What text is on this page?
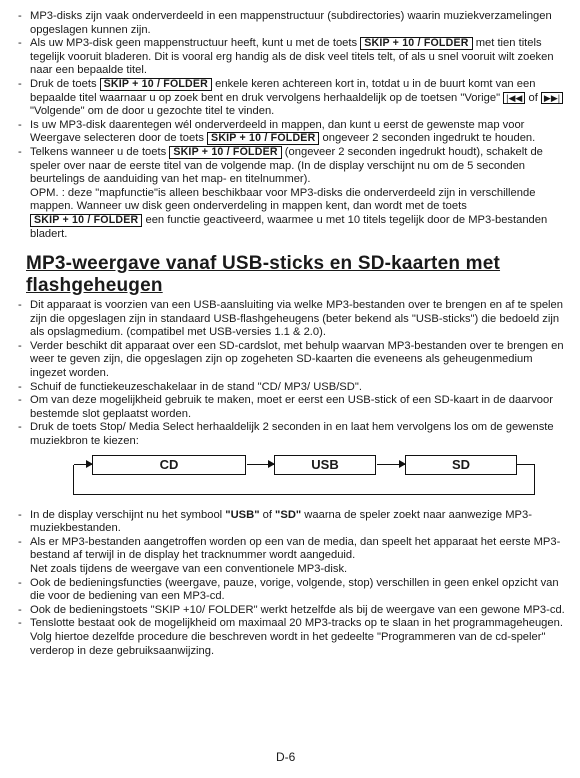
- MP3-disks zijn vaak onderverdeeld in een mappenstructuur (subdirectories) waarin muziekverzamelingen opgeslagen kunnen zijn.
- Als uw MP3-disk geen mappenstructuur heeft, kunt u met de toets SKIP + 10 / FOLDER met tien titels tegelijk vooruit bladeren. Dit is vooral erg handig als de disk veel titels telt, of als u snel vooruit wilt zoeken naar een bepaalde titel.
- Druk de toets SKIP + 10 / FOLDER enkele keren achtereen kort in, totdat u in de buurt komt van een bepaalde titel waarnaar u op zoek bent en druk vervolgens herhaaldelijk op de toetsen "Vorige" |◀◀ of ▶▶| "Volgende" om de door u gezochte titel te vinden.
- Is uw MP3-disk daarentegen wél onderverdeeld in mappen, dan kunt u eerst de gewenste map voor Weergave selecteren door de toets SKIP + 10 / FOLDER ongeveer 2 seconden ingedrukt te houden.
- Telkens wanneer u de toets SKIP + 10 / FOLDER (ongeveer 2 seconden ingedrukt houdt), schakelt de speler over naar de eerste titel van de volgende map. (In de display verschijnt nu om de 5 seconden beurtelings de aanduiding van het map- en titelnummer).
OPM. : deze "mapfunctie"is alleen beschikbaar voor MP3-disks die onderverdeeld zijn in verschillende mappen. Wanneer uw disk geen onderverdeling in mappen kent, dan wordt met de toets SKIP + 10 / FOLDER een functie geactiveerd, waarmee u met 10 titels tegelijk door de MP3-bestanden bladert.
MP3-weergave vanaf USB-sticks en SD-kaarten met flashgeheugen
- Dit apparaat is voorzien van een USB-aansluiting via welke MP3-bestanden over te brengen en af te spelen zijn die opgeslagen zijn in standaard USB-flashgeheugens (beter bekend als "USB-sticks") die bedoeld zijn als opslagmedium. (compatibel met USB-versies 1.1 & 2.0).
- Verder beschikt dit apparaat over een SD-cardslot, met behulp waarvan MP3-bestanden over te brengen en weer te geven zijn, die opgeslagen zijn op zogeheten SD-kaarten die eveneens als geheugenmedium ingezet worden.
- Schuif de functiekeuzeschakelaar in de stand "CD/ MP3/ USB/SD".
- Om van deze mogelijkheid gebruik te maken, moet er eerst een USB-stick of een SD-kaart in de daarvoor bestemde slot geplaatst worden.
- Druk de toets Stop/ Media Select herhaaldelijk 2 seconden in en laat hem vervolgens los om de gewenste muziekbron te kiezen:
CD	USB	SD
- In de display verschijnt nu het symbool "USB" of "SD" waarna de speler zoekt naar aanwezige MP3-muziekbestanden.
- Als er MP3-bestanden aangetroffen worden op een van de media, dan speelt het apparaat het eerste MP3-bestand af terwijl in de display het tracknummer wordt aangeduid.
Net zoals tijdens de weergave van een conventionele MP3-disk.
- Ook de bedieningsfuncties (weergave, pauze, vorige, volgende, stop) verschillen in geen enkel opzicht van die voor de bediening van een MP3-cd.
- Ook de bedieningstoets "SKIP +10/ FOLDER" werkt hetzelfde als bij de weergave van een gewone MP3-cd.
- Tenslotte bestaat ook de mogelijkheid om maximaal 20 MP3-tracks op te slaan in het programmageheugen. Volg hiertoe dezelfde procedure die beschreven wordt in het gedeelte "Programmeren van de cd-speler" verderop in deze gebruiksaanwijzing.
D-6
